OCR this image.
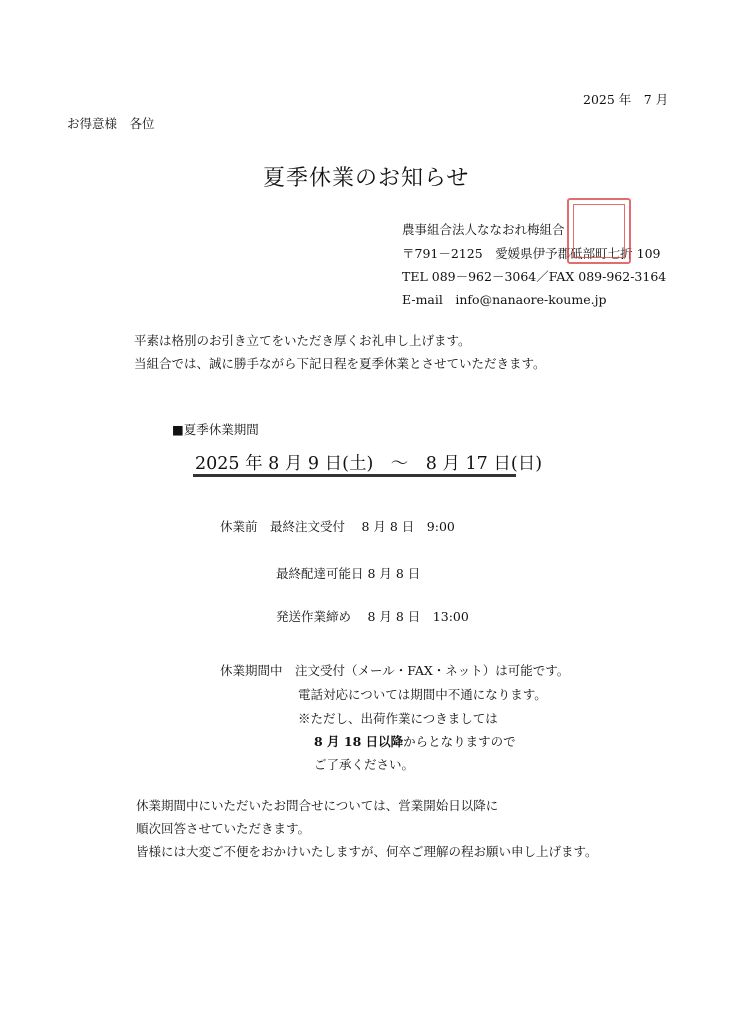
2025 年　7 月
お得意様　各位
夏季休業のお知らせ
農事組合法人ななおれ梅組合
〒791－2125　愛媛県伊予郡砥部町七折 109
TEL 089－962－3064／FAX 089-962-3164
E-mail　info@nanaore-koume.jp
平素は格別のお引き立てをいただき厚くお礼申し上げます。
当組合では、誠に勝手ながら下記日程を夏季休業とさせていただきます。
■夏季休業期間
2025 年 8 月 9 日(土)　～　8 月 17 日(日)
休業前　最終注文受付　 8 月 8 日　9:00
最終配達可能日 8 月 8 日
発送作業締め　 8 月 8 日　13:00
休業期間中　注文受付（メール・FAX・ネット）は可能です。
電話対応については期間中不通になります。
※ただし、出荷作業につきましては
8 月 18 日以降からとなりますので
ご了承ください。
休業期間中にいただいたお問合せについては、営業開始日以降に
順次回答させていただきます。
皆様には大変ご不便をおかけいたしますが、何卒ご理解の程お願い申し上げます。
